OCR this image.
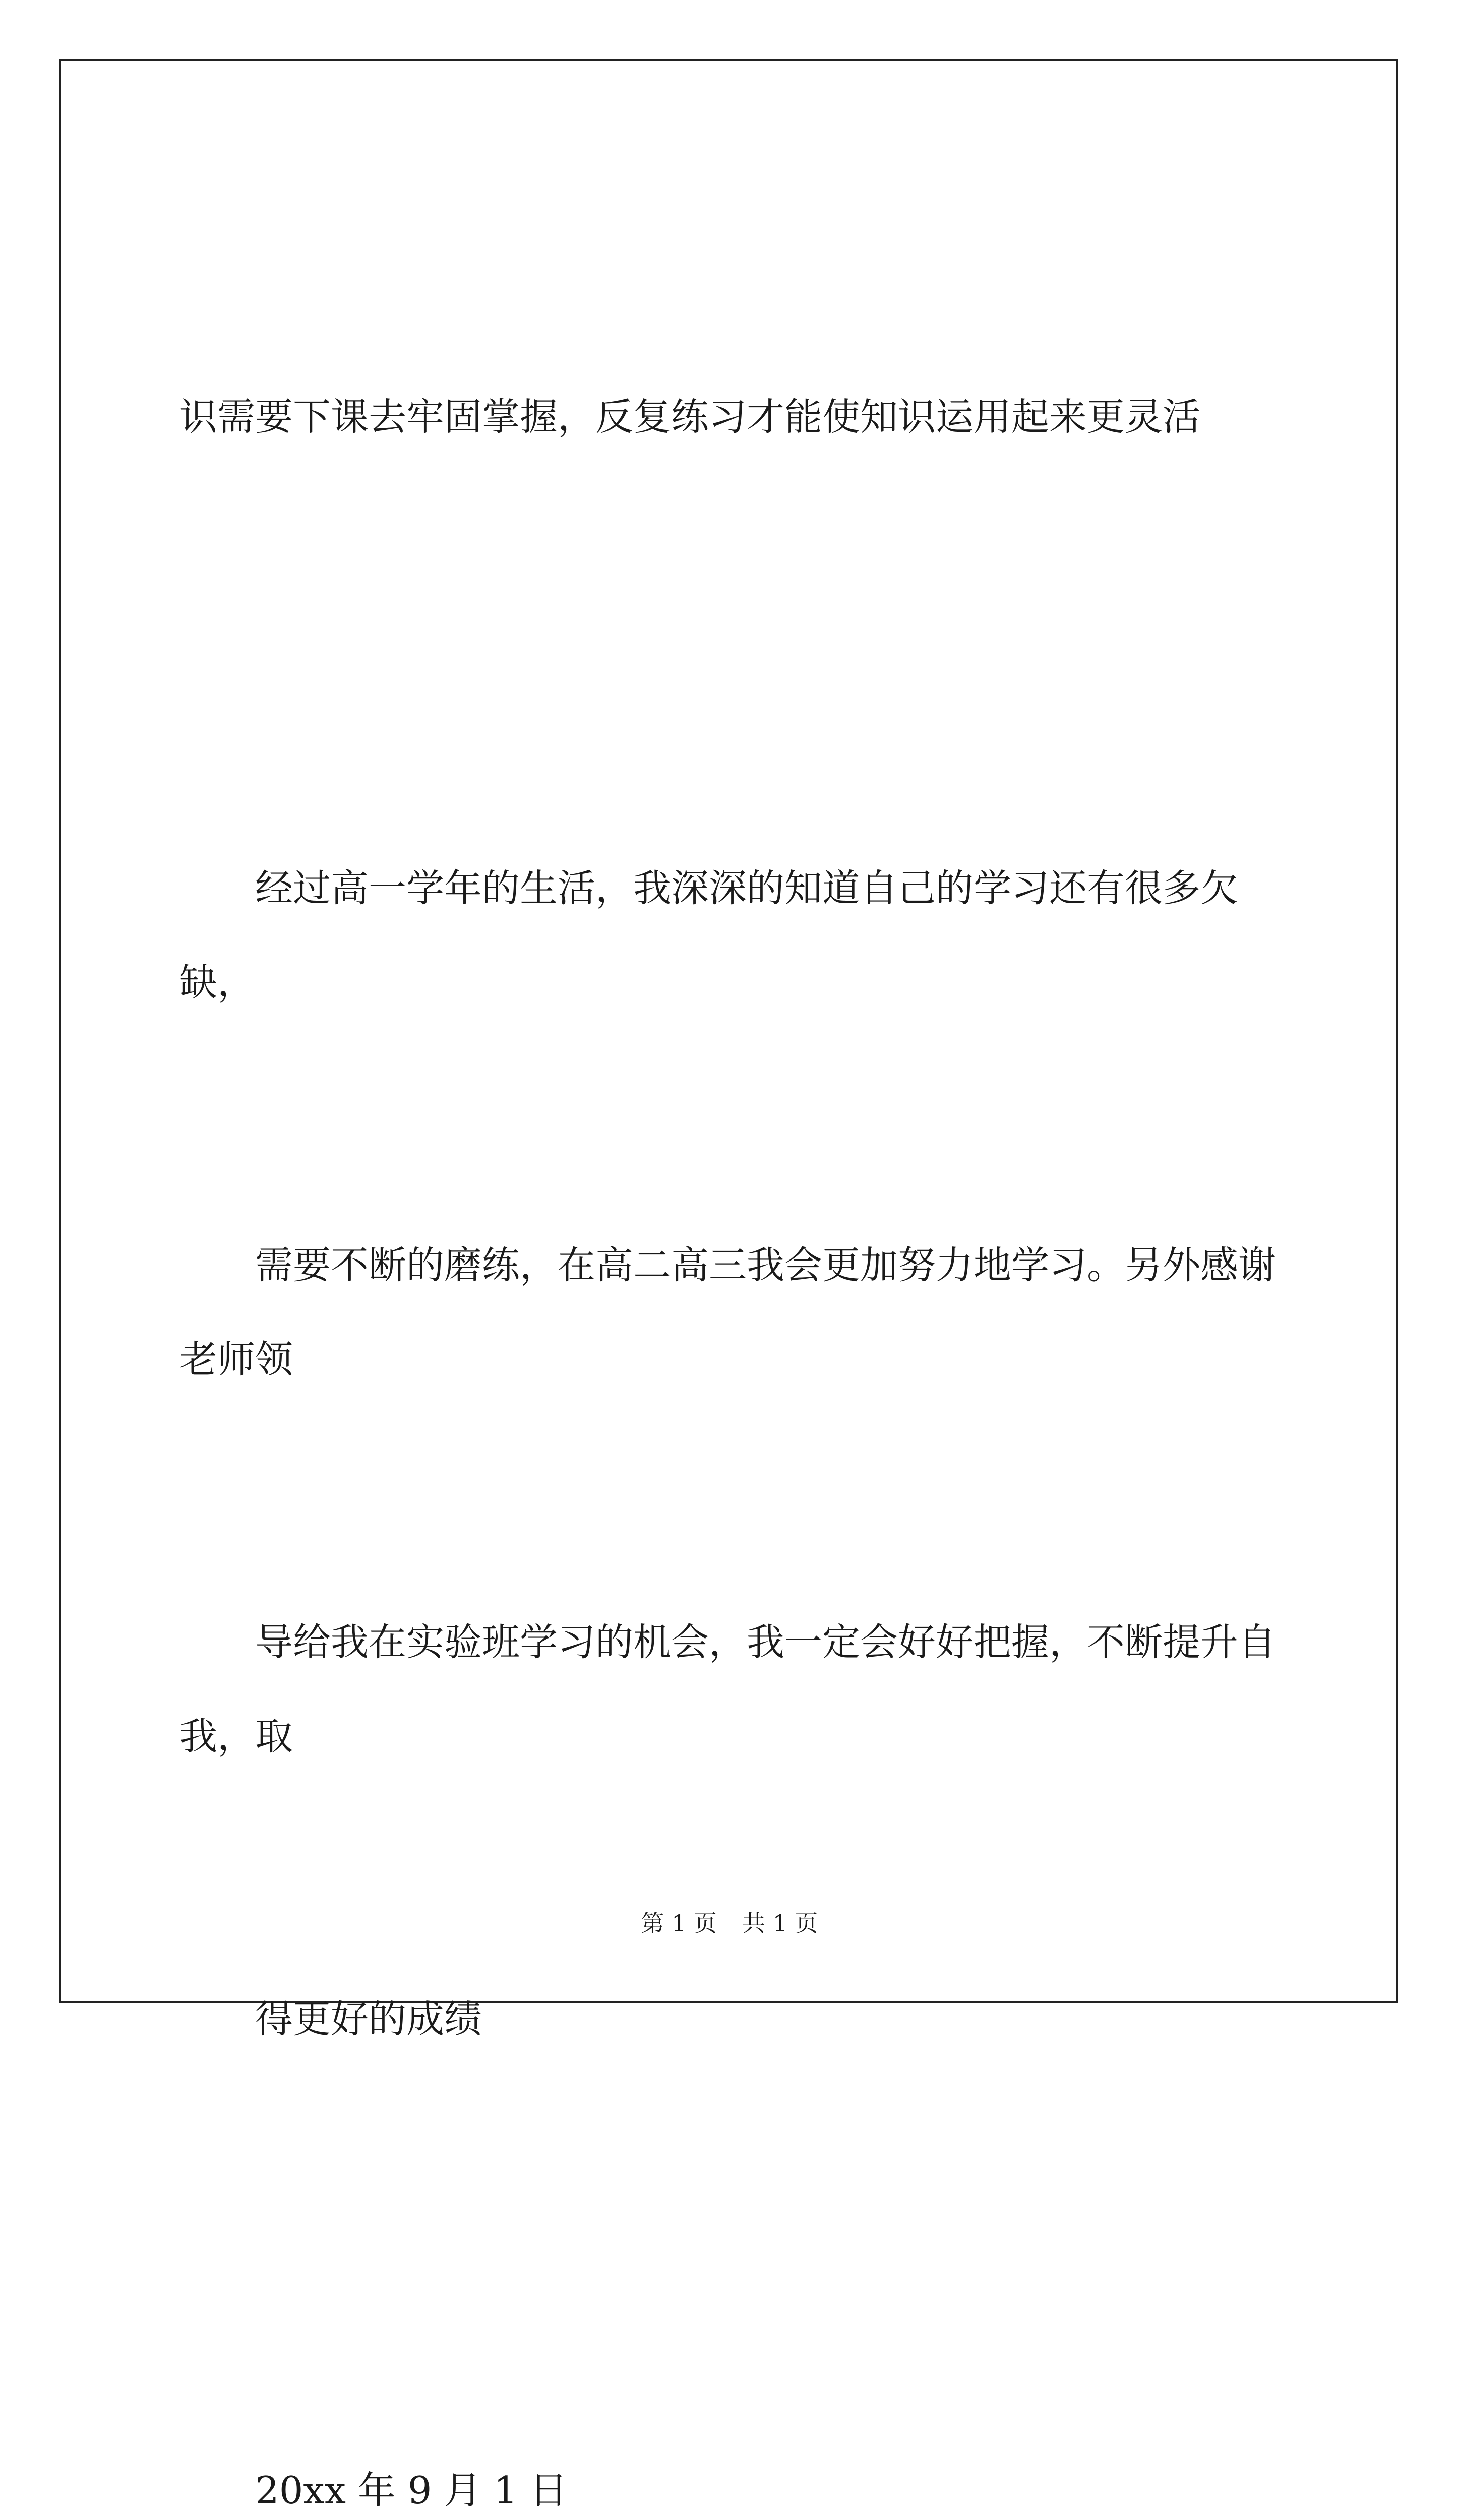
识需要下课去牢固掌握，反复练习才能使知识运用起来更灵活

经过高一学年的生活，我深深的知道自己的学习还有很多欠缺，

需要不断的磨练，在高二高三我会更加努力地学习。另外感谢老师领

导给我在实验班学习的机会，我一定会好好把握，不断提升自我，取

得更好的成绩

20xx 年 9 月 1 日

第 1 页 共 1 页
